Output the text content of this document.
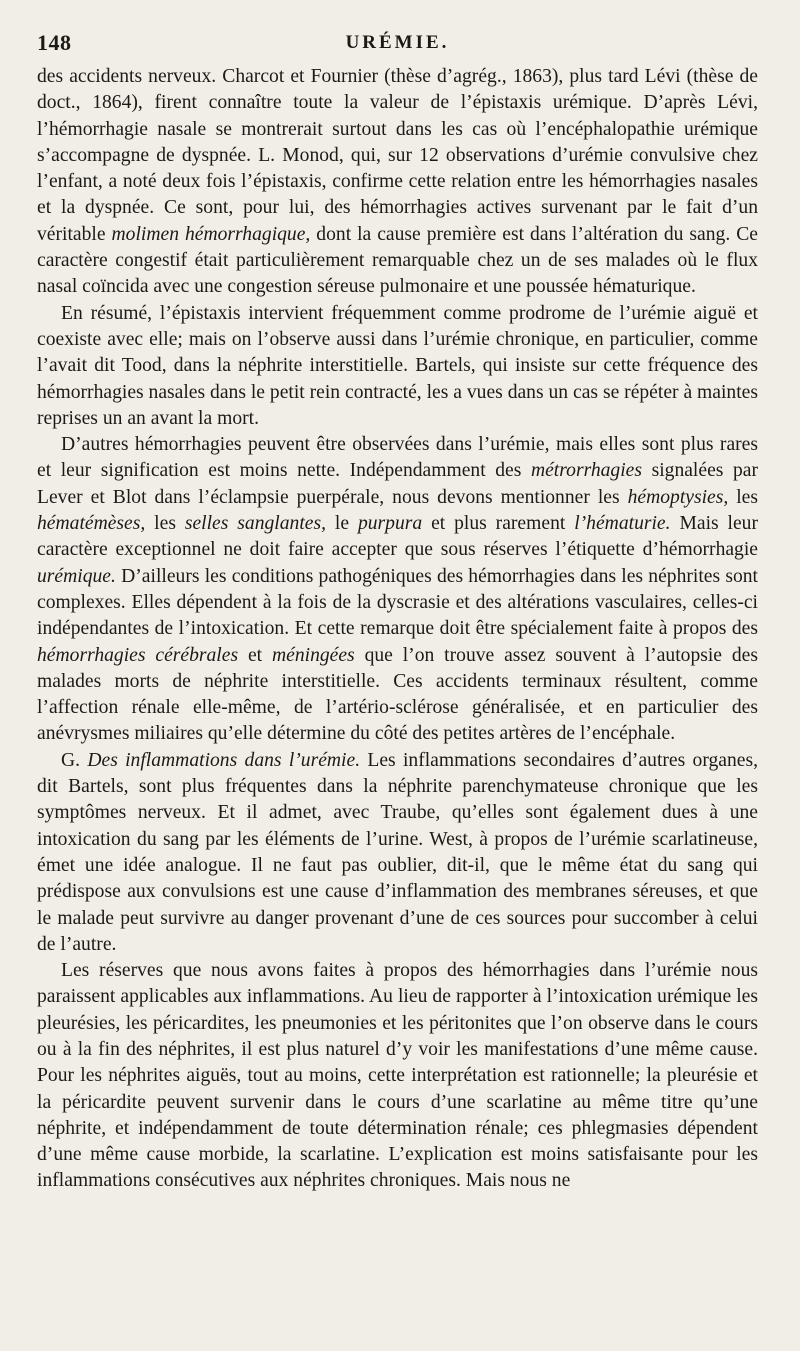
148	URÉMIE.

des accidents nerveux. Charcot et Fournier (thèse d’agrég., 1863), plus tard Lévi (thèse de doct., 1864), firent connaître toute la valeur de l’épistaxis urémique. D’après Lévi, l’hémorrhagie nasale se montrerait surtout dans les cas où l’encéphalopathie urémique s’accompagne de dyspnée. L. Monod, qui, sur 12 observations d’urémie convulsive chez l’enfant, a noté deux fois l’épistaxis, confirme cette relation entre les hémorrhagies nasales et la dyspnée. Ce sont, pour lui, des hémorrhagies actives survenant par le fait d’un véritable molimen hémorrhagique, dont la cause première est dans l’altération du sang. Ce caractère congestif était particulièrement remarquable chez un de ses malades où le flux nasal coïncida avec une congestion séreuse pulmonaire et une poussée hématurique.

En résumé, l’épistaxis intervient fréquemment comme prodrome de l’urémie aiguë et coexiste avec elle; mais on l’observe aussi dans l’urémie chronique, en particulier, comme l’avait dit Tood, dans la néphrite interstitielle. Bartels, qui insiste sur cette fréquence des hémorrhagies nasales dans le petit rein contracté, les a vues dans un cas se répéter à maintes reprises un an avant la mort.

D’autres hémorrhagies peuvent être observées dans l’urémie, mais elles sont plus rares et leur signification est moins nette. Indépendamment des métrorrhagies signalées par Lever et Blot dans l’éclampsie puerpérale, nous devons mentionner les hémoptysies, les hématémèses, les selles sanglantes, le purpura et plus rarement l’hématurie. Mais leur caractère exceptionnel ne doit faire accepter que sous réserves l’étiquette d’hémorrhagie urémique. D’ailleurs les conditions pathogéniques des hémorrhagies dans les néphrites sont complexes. Elles dépendent à la fois de la dyscrasie et des altérations vasculaires, celles-ci indépendantes de l’intoxication. Et cette remarque doit être spécialement faite à propos des hémorrhagies cérébrales et méningées que l’on trouve assez souvent à l’autopsie des malades morts de néphrite interstitielle. Ces accidents terminaux résultent, comme l’affection rénale elle-même, de l’artério-sclérose généralisée, et en particulier des anévrysmes miliaires qu’elle détermine du côté des petites artères de l’encéphale.

G. Des inflammations dans l’urémie. Les inflammations secondaires d’autres organes, dit Bartels, sont plus fréquentes dans la néphrite parenchymateuse chronique que les symptômes nerveux. Et il admet, avec Traube, qu’elles sont également dues à une intoxication du sang par les éléments de l’urine. West, à propos de l’urémie scarlatineuse, émet une idée analogue. Il ne faut pas oublier, dit-il, que le même état du sang qui prédispose aux convulsions est une cause d’inflammation des membranes séreuses, et que le malade peut survivre au danger provenant d’une de ces sources pour succomber à celui de l’autre.

Les réserves que nous avons faites à propos des hémorrhagies dans l’urémie nous paraissent applicables aux inflammations. Au lieu de rapporter à l’intoxication urémique les pleurésies, les péricardites, les pneumonies et les péritonites que l’on observe dans le cours ou à la fin des néphrites, il est plus naturel d’y voir les manifestations d’une même cause. Pour les néphrites aiguës, tout au moins, cette interprétation est rationnelle; la pleurésie et la péricardite peuvent survenir dans le cours d’une scarlatine au même titre qu’une néphrite, et indépendamment de toute détermination rénale; ces phlegmasies dépendent d’une même cause morbide, la scarlatine. L’explication est moins satisfaisante pour les inflammations consécutives aux néphrites chroniques. Mais nous ne
